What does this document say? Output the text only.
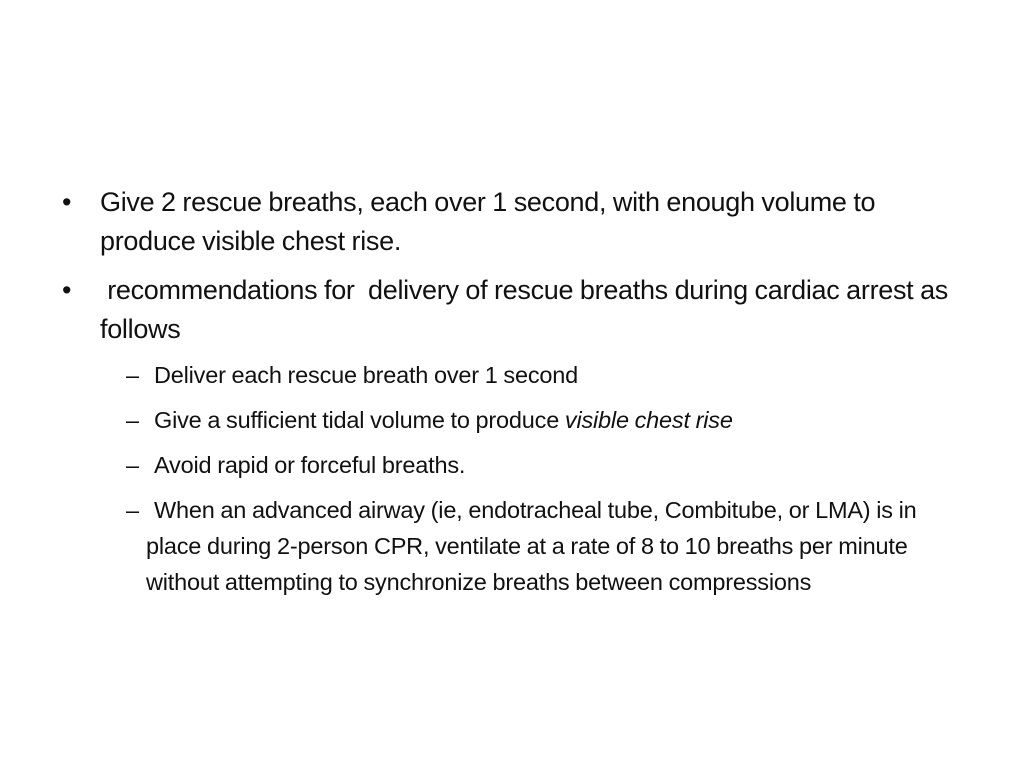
•	Give 2 rescue breaths, each over 1 second, with enough volume to produce visible chest rise.
•	recommendations for  delivery of rescue breaths during cardiac arrest as follows
– Deliver each rescue breath over 1 second
– Give a sufficient tidal volume to produce visible chest rise
– Avoid rapid or forceful breaths.
– When an advanced airway (ie, endotracheal tube, Combitube, or LMA) is in place during 2-person CPR, ventilate at a rate of 8 to 10 breaths per minute without attempting to synchronize breaths between compressions
